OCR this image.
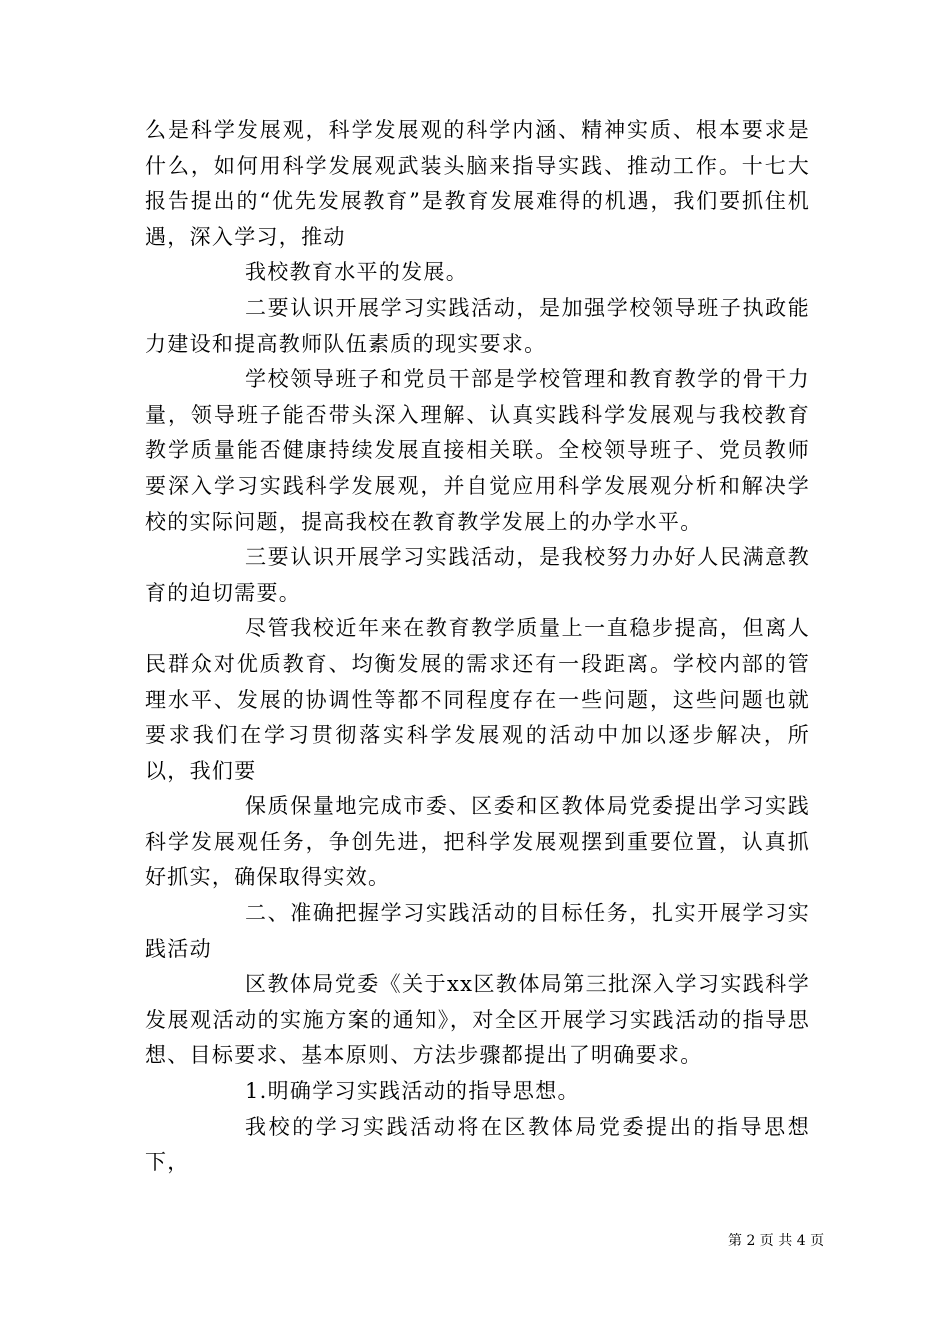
么是科学发展观，科学发展观的科学内涵、精神实质、根本要求是什么，如何用科学发展观武装头脑来指导实践、推动工作。十七大报告提出的“优先发展教育”是教育发展难得的机遇，我们要抓住机遇，深入学习，推动

我校教育水平的发展。

二要认识开展学习实践活动，是加强学校领导班子执政能力建设和提高教师队伍素质的现实要求。

学校领导班子和党员干部是学校管理和教育教学的骨干力量，领导班子能否带头深入理解、认真实践科学发展观与我校教育教学质量能否健康持续发展直接相关联。全校领导班子、党员教师要深入学习实践科学发展观，并自觉应用科学发展观分析和解决学校的实际问题，提高我校在教育教学发展上的办学水平。

三要认识开展学习实践活动，是我校努力办好人民满意教育的迫切需要。

尽管我校近年来在教育教学质量上一直稳步提高，但离人民群众对优质教育、均衡发展的需求还有一段距离。学校内部的管理水平、发展的协调性等都不同程度存在一些问题，这些问题也就要求我们在学习贯彻落实科学发展观的活动中加以逐步解决，所以，我们要

保质保量地完成市委、区委和区教体局党委提出学习实践科学发展观任务，争创先进，把科学发展观摆到重要位置，认真抓好抓实，确保取得实效。

二、准确把握学习实践活动的目标任务，扎实开展学习实践活动

区教体局党委《关于xx区教体局第三批深入学习实践科学发展观活动的实施方案的通知》，对全区开展学习实践活动的指导思想、目标要求、基本原则、方法步骤都提出了明确要求。

1.明确学习实践活动的指导思想。

我校的学习实践活动将在区教体局党委提出的指导思想下，

第 2 页 共 4 页
